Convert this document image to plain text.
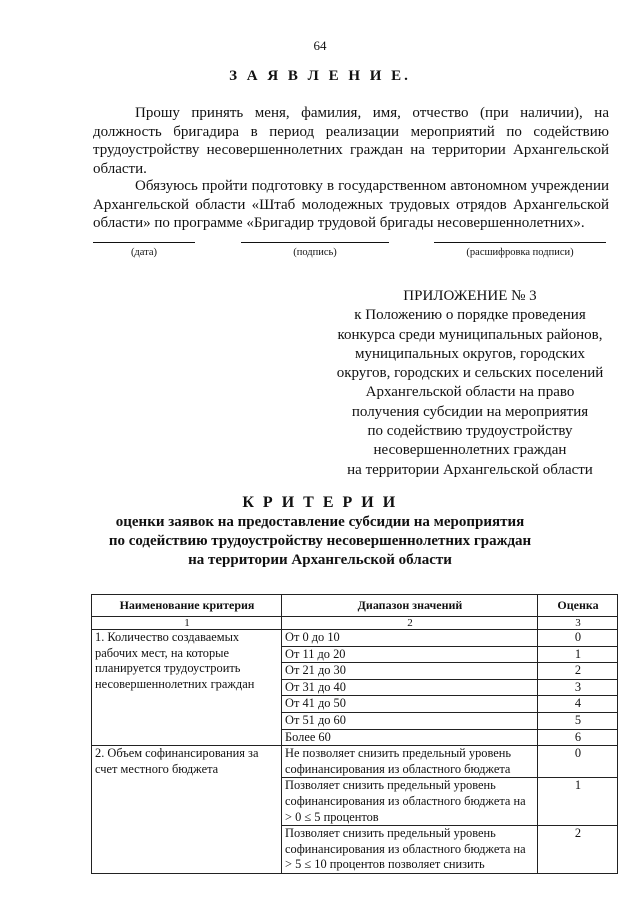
64
З А Я В Л Е Н И Е.

Прошу принять меня, фамилия, имя, отчество (при наличии), на должность бригадира в период реализации мероприятий по содействию трудоустройству несовершеннолетних граждан на территории Архангельской области.

Обязуюсь пройти подготовку в государственном автономном учреждении Архангельской области «Штаб молодежных трудовых отрядов Архангельской области» по программе «Бригадир трудовой бригады несовершеннолетних».

(дата)	(подпись)	(расшифровка подписи)
ПРИЛОЖЕНИЕ № 3
к Положению о порядке проведения
конкурса среди муниципальных районов,
муниципальных округов, городских
округов, городских и сельских поселений
Архангельской области на право
получения субсидии на мероприятия
по содействию трудоустройству
несовершеннолетних граждан
на территории Архангельской области
К Р И Т Е Р И И
оценки заявок на предоставление субсидии на мероприятия
по содействию трудоустройству несовершеннолетних граждан
на территории Архангельской области
Наименование критерия	Диапазон значений	Оценка
1	2	3
1. Количество создаваемых рабочих мест, на которые планируется трудоустроить несовершеннолетних граждан	От 0 до 10	0
	От 11 до 20	1
	От 21 до 30	2
	От 31 до 40	3
	От 41 до 50	4
	От 51 до 60	5
	Более 60	6
2. Объем софинансирования за счет местного бюджета	Не позволяет снизить предельный уровень софинансирования из областного бюджета	0
	Позволяет снизить предельный уровень софинансирования из областного бюджета на > 0 ≤ 5 процентов	1
	Позволяет снизить предельный уровень софинансирования из областного бюджета на > 5 ≤ 10 процентов позволяет снизить	2
